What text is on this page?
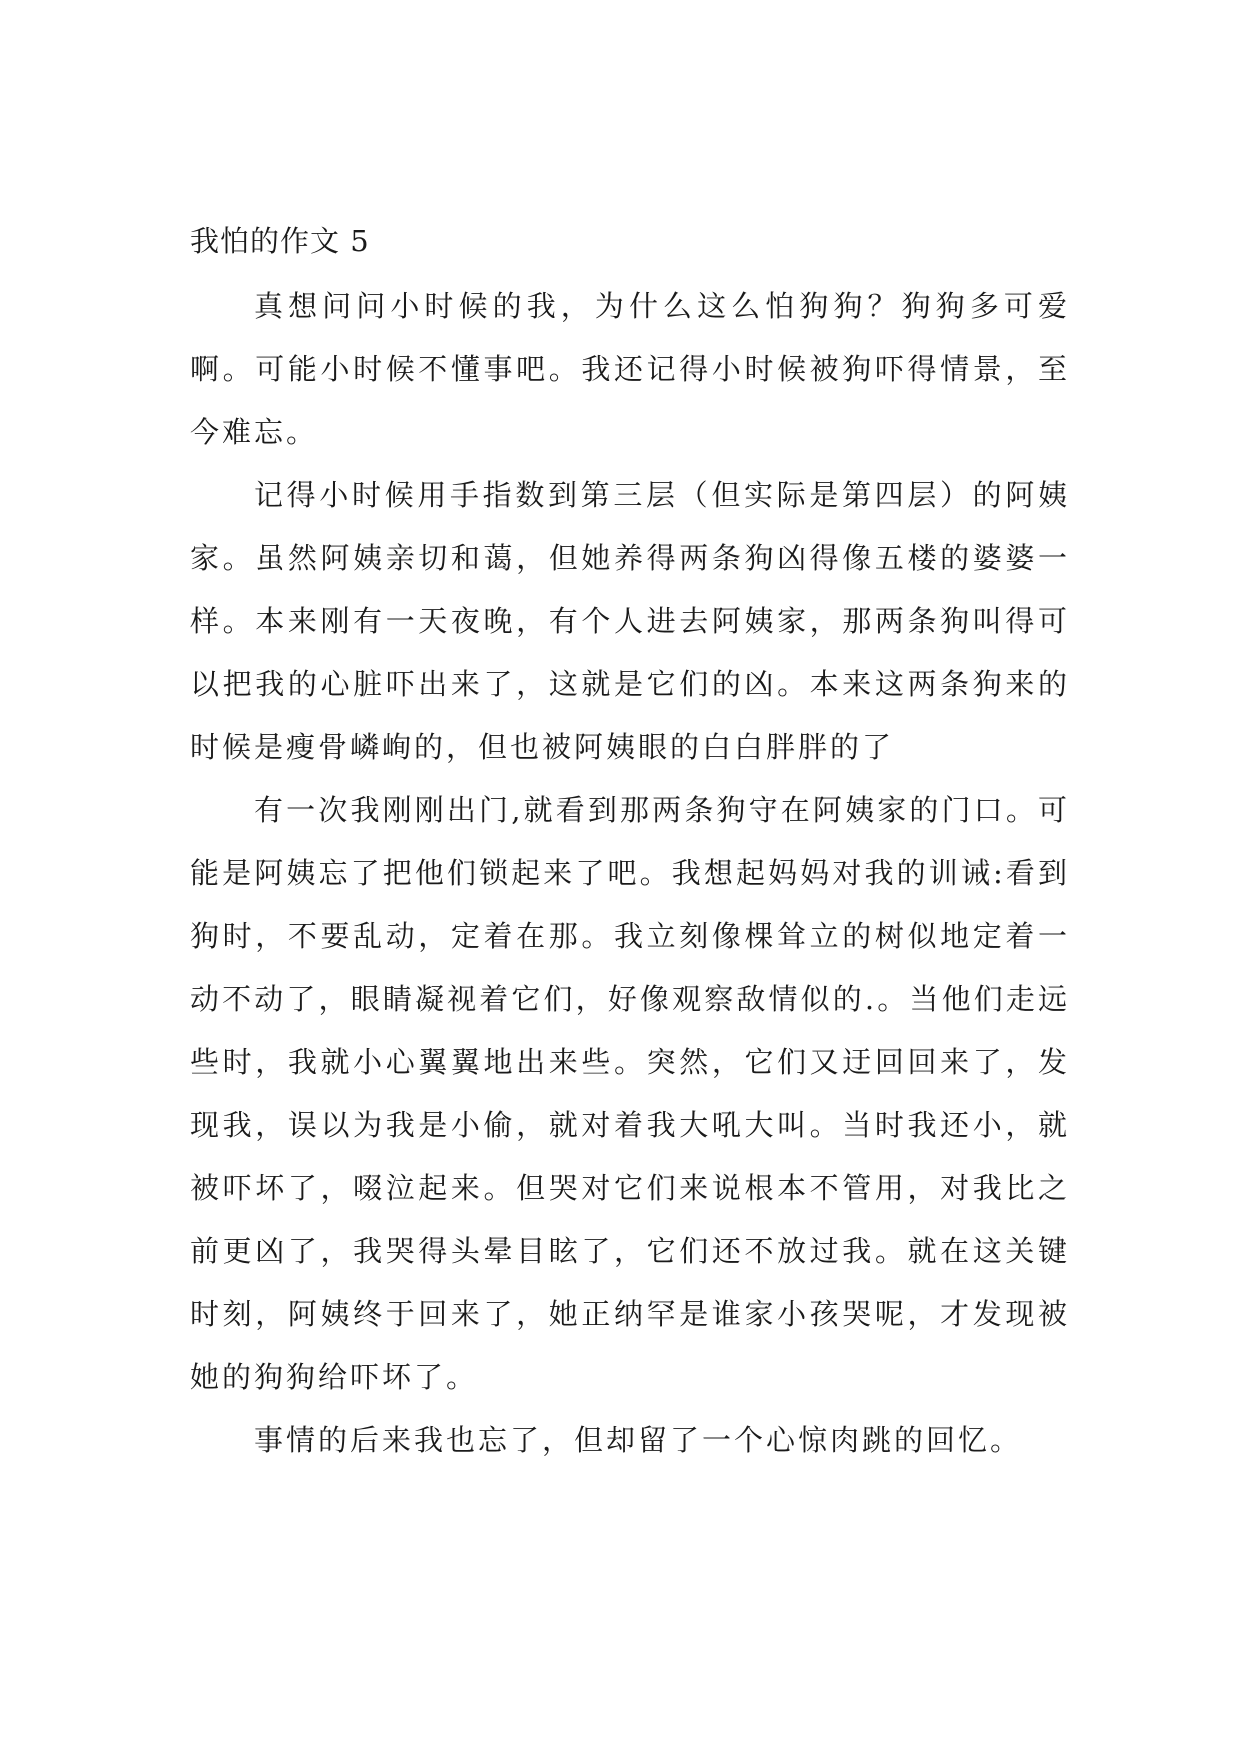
我怕的作文 5

真想问问小时候的我，为什么这么怕狗狗？狗狗多可爱啊。可能小时候不懂事吧。我还记得小时候被狗吓得情景，至今难忘。

记得小时候用手指数到第三层（但实际是第四层）的阿姨家。虽然阿姨亲切和蔼，但她养得两条狗凶得像五楼的婆婆一样。本来刚有一天夜晚，有个人进去阿姨家，那两条狗叫得可以把我的心脏吓出来了，这就是它们的凶。本来这两条狗来的时候是瘦骨嶙峋的，但也被阿姨眼的白白胖胖的了

有一次我刚刚出门,就看到那两条狗守在阿姨家的门口。可能是阿姨忘了把他们锁起来了吧。我想起妈妈对我的训诫:看到狗时，不要乱动，定着在那。我立刻像棵耸立的树似地定着一动不动了，眼睛凝视着它们，好像观察敌情似的.。当他们走远些时，我就小心翼翼地出来些。突然，它们又迂回回来了，发现我，误以为我是小偷，就对着我大吼大叫。当时我还小，就被吓坏了，啜泣起来。但哭对它们来说根本不管用，对我比之前更凶了，我哭得头晕目眩了，它们还不放过我。就在这关键时刻，阿姨终于回来了，她正纳罕是谁家小孩哭呢，才发现被她的狗狗给吓坏了。

事情的后来我也忘了，但却留了一个心惊肉跳的回忆。
